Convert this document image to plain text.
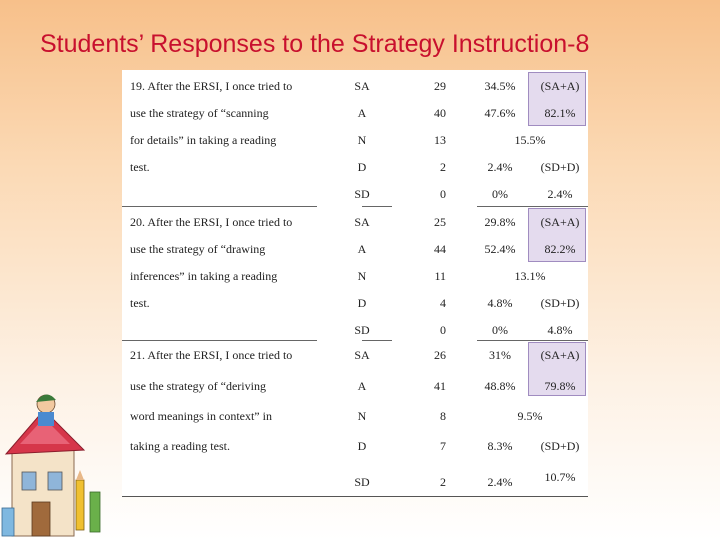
Students’ Responses to the Strategy Instruction-8
19. After the ERSI, I once tried to
use the strategy of “scanning
for details” in taking a reading
test.
SA	29	34.5%	(SA+A)
A	40	47.6%	82.1%
N	13	15.5%
D	2	2.4%	(SD+D)
SD	0	0%	2.4%
20. After the ERSI, I once tried to
use the strategy of “drawing
inferences” in taking a reading
test.
SA	25	29.8%	(SA+A)
A	44	52.4%	82.2%
N	11	13.1%
D	4	4.8%	(SD+D)
SD	0	0%	4.8%
21. After the ERSI, I once tried to
use the strategy of “deriving
word meanings in context” in
taking a reading test.
SA	26	31%	(SA+A)
A	41	48.8%	79.8%
N	8	9.5%
D	7	8.3%	(SD+D)
SD	2	2.4%	10.7%
